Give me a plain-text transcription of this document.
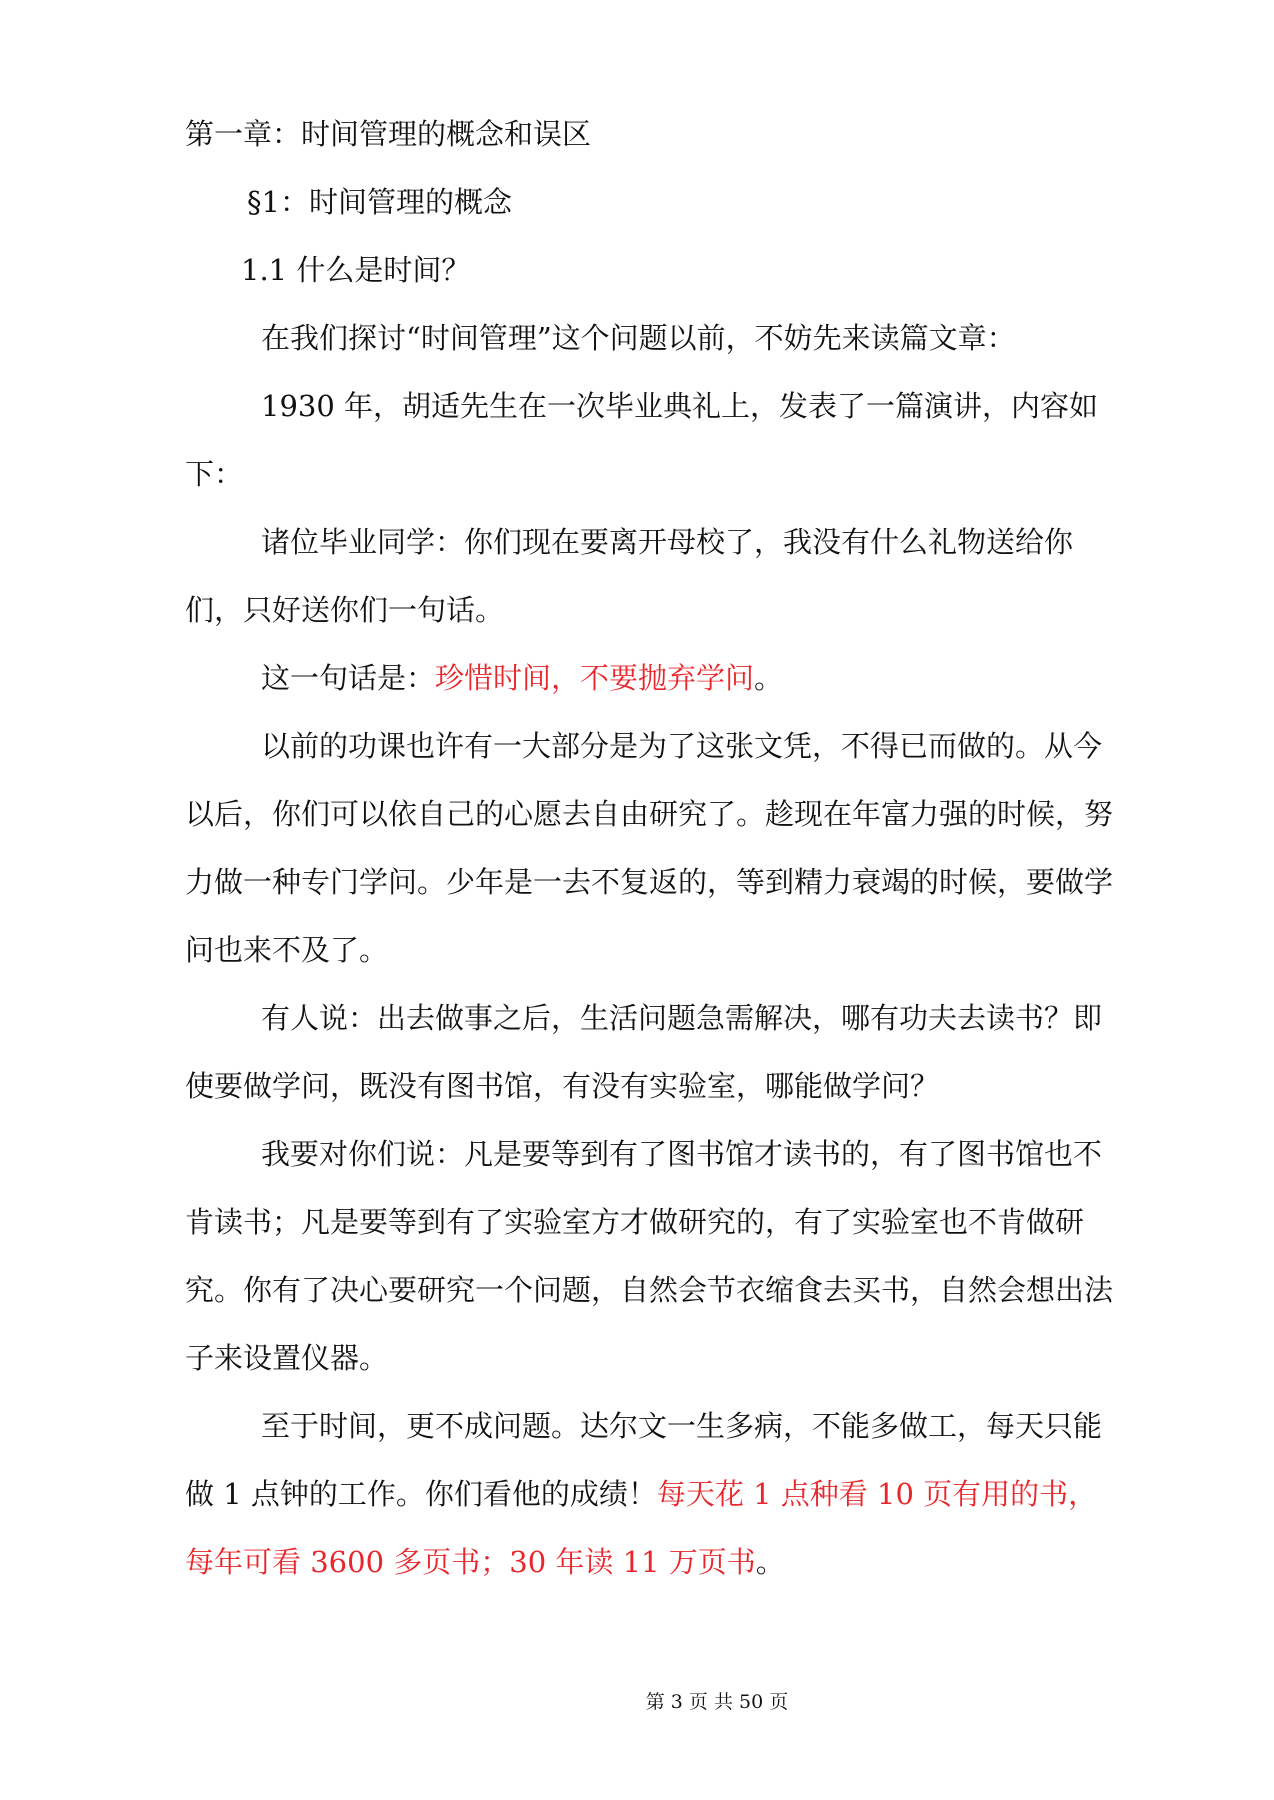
第一章：时间管理的概念和误区

§1：时间管理的概念

1.1 什么是时间？

在我们探讨“时间管理”这个问题以前，不妨先来读篇文章：

1930 年，胡适先生在一次毕业典礼上，发表了一篇演讲，内容如下：

诸位毕业同学：你们现在要离开母校了，我没有什么礼物送给你们，只好送你们一句话。

这一句话是：珍惜时间，不要抛弃学问。

以前的功课也许有一大部分是为了这张文凭，不得已而做的。从今以后，你们可以依自己的心愿去自由研究了。趁现在年富力强的时候，努力做一种专门学问。少年是一去不复返的，等到精力衰竭的时候，要做学问也来不及了。

有人说：出去做事之后，生活问题急需解决，哪有功夫去读书？即使要做学问，既没有图书馆，有没有实验室，哪能做学问？

我要对你们说：凡是要等到有了图书馆才读书的，有了图书馆也不肯读书；凡是要等到有了实验室方才做研究的，有了实验室也不肯做研究。你有了决心要研究一个问题，自然会节衣缩食去买书，自然会想出法子来设置仪器。

至于时间，更不成问题。达尔文一生多病，不能多做工，每天只能做 1 点钟的工作。你们看他的成绩！每天花 1 点种看 10 页有用的书，每年可看 3600 多页书；30 年读 11 万页书。

第 3 页 共 50 页
